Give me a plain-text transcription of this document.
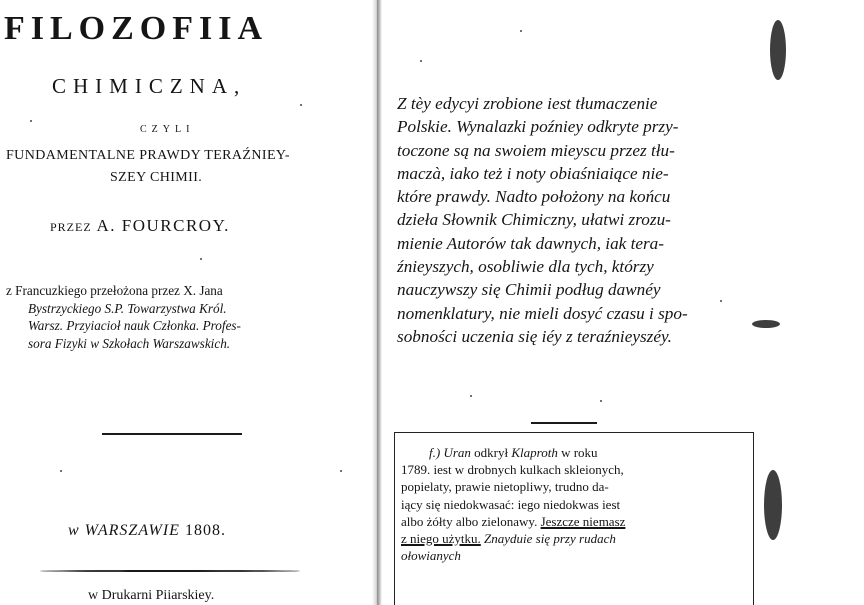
FILOZOFIIA

CHIMICZNA,

CZYLI

FUNDAMENTALNE PRAWDY TERAŹNIEY-

SZEY CHIMII.

PRZEZ A. FOURCROY.

z Francuzkiego przełożona przez X. Jana
Bystrzyckiego S.P. Towarzystwa Król.
Warsz. Przyiacioł nauk Członka. Profes-
sora Fizyki w Szkołach Warszawskich.

w WARSZAWIE 1808.

w Drukarni Piiarskiey.

Z tèy edycyi zrobione iest tłumaczenie
Polskie. Wynalazki poźniey odkryte przy-
toczone są na swoiem mieyscu przez tłu-
maczà, iako też i noty obiaśniaiące nie-
które prawdy. Nadto położony na końcu
dzieła Słownik Chimiczny, ułatwi zrozu-
mienie Autorów tak dawnych, iak tera-
źnieyszych, osobliwie dla tych, którzy
nauczywszy się Chimii podług dawnéy
nomenklatury, nie mieli dosyć czasu i spo-
sobności uczenia się iéy z teraźnieyszéy.
f.) Uran odkrył Klaproth w roku
1789. iest w drobnych kulkach skleionych,
popielaty, prawie nietopliwy, trudno da-
iący się niedokwasać: iego niedokwas iest
albo żółty albo zielonawy. Jeszcze niemasz
z niego użytku. Znayduie się przy rudach
ołowianych
